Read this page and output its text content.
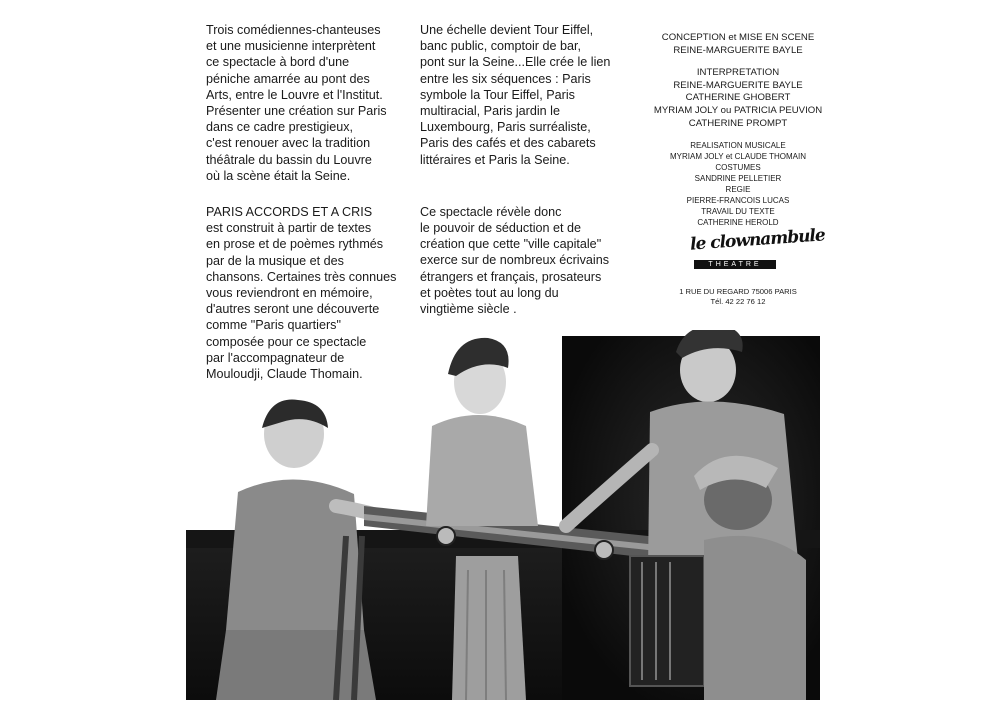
Trois comédiennes-chanteuses
et une musicienne interprètent
ce spectacle à bord d'une
péniche amarrée au pont des
Arts, entre le Louvre et l'Institut.
Présenter une création sur Paris
dans ce cadre prestigieux,
c'est renouer avec la tradition
théâtrale du bassin du Louvre
où la scène était la Seine.

PARIS ACCORDS ET A CRIS
est construit à partir de textes
en prose et de poèmes rythmés
par de la musique et des
chansons. Certaines très connues
vous reviendront en mémoire,
d'autres seront une découverte
comme "Paris quartiers"
composée pour ce spectacle
par l'accompagnateur de
Mouloudji, Claude Thomain.

Une échelle devient Tour Eiffel,
banc public, comptoir de bar,
pont sur la Seine...Elle crée le lien
entre les six séquences : Paris
symbole la Tour Eiffel, Paris
multiracial, Paris jardin le
Luxembourg, Paris surréaliste,
Paris des cafés et des cabarets
littéraires et Paris la Seine.

Ce spectacle révèle donc
le pouvoir de séduction et de
création que cette "ville capitale"
exerce sur de nombreux écrivains
étrangers et français, prosateurs
et poètes tout au long du
vingtième siècle .

CONCEPTION et MISE EN SCENE
REINE-MARGUERITE BAYLE
INTERPRETATION
REINE-MARGUERITE BAYLE
CATHERINE GHOBERT
MYRIAM JOLY ou PATRICIA PEUVION
CATHERINE PROMPT
REALISATION MUSICALE
MYRIAM JOLY et CLAUDE THOMAIN
COSTUMES
SANDRINE PELLETIER
REGIE
PIERRE-FRANCOIS LUCAS
TRAVAIL DU TEXTE
CATHERINE HEROLD
le clownambule
THEATRE
1 RUE DU REGARD 75006 PARIS
Tél. 42 22 76 12
